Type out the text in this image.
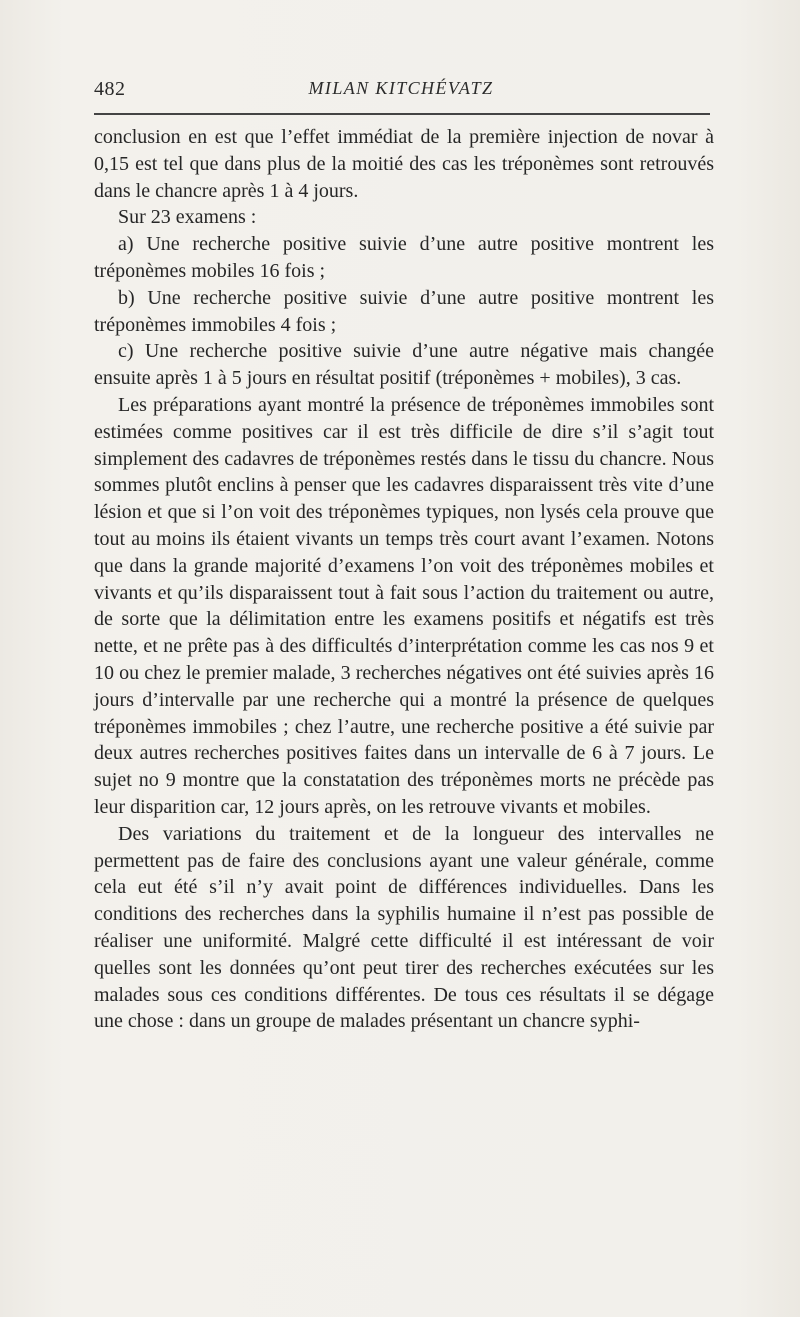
482	MILAN KITCHÉVATZ

conclusion en est que l’effet immédiat de la première injection de novar à 0,15 est tel que dans plus de la moitié des cas les tréponèmes sont retrouvés dans le chancre après 1 à 4 jours.

Sur 23 examens :

a) Une recherche positive suivie d’une autre positive montrent les tréponèmes mobiles 16 fois ;

b) Une recherche positive suivie d’une autre positive montrent les tréponèmes immobiles 4 fois ;

c) Une recherche positive suivie d’une autre négative mais changée ensuite après 1 à 5 jours en résultat positif (tréponèmes + mobiles), 3 cas.

Les préparations ayant montré la présence de tréponèmes immobiles sont estimées comme positives car il est très difficile de dire s’il s’agit tout simplement des cadavres de tréponèmes restés dans le tissu du chancre. Nous sommes plutôt enclins à penser que les cadavres disparaissent très vite d’une lésion et que si l’on voit des tréponèmes typiques, non lysés cela prouve que tout au moins ils étaient vivants un temps très court avant l’examen. Notons que dans la grande majorité d’examens l’on voit des tréponèmes mobiles et vivants et qu’ils disparaissent tout à fait sous l’action du traitement ou autre, de sorte que la délimitation entre les examens positifs et négatifs est très nette, et ne prête pas à des difficultés d’interprétation comme les cas nos 9 et 10 ou chez le premier malade, 3 recherches négatives ont été suivies après 16 jours d’intervalle par une recherche qui a montré la présence de quelques tréponèmes immobiles ; chez l’autre, une recherche positive a été suivie par deux autres recherches positives faites dans un intervalle de 6 à 7 jours. Le sujet no 9 montre que la constatation des tréponèmes morts ne précède pas leur disparition car, 12 jours après, on les retrouve vivants et mobiles.

Des variations du traitement et de la longueur des intervalles ne permettent pas de faire des conclusions ayant une valeur générale, comme cela eut été s’il n’y avait point de différences individuelles. Dans les conditions des recherches dans la syphilis humaine il n’est pas possible de réaliser une uniformité. Malgré cette difficulté il est intéressant de voir quelles sont les données qu’ont peut tirer des recherches exécutées sur les malades sous ces conditions différentes. De tous ces résultats il se dégage une chose : dans un groupe de malades présentant un chancre syphi-
